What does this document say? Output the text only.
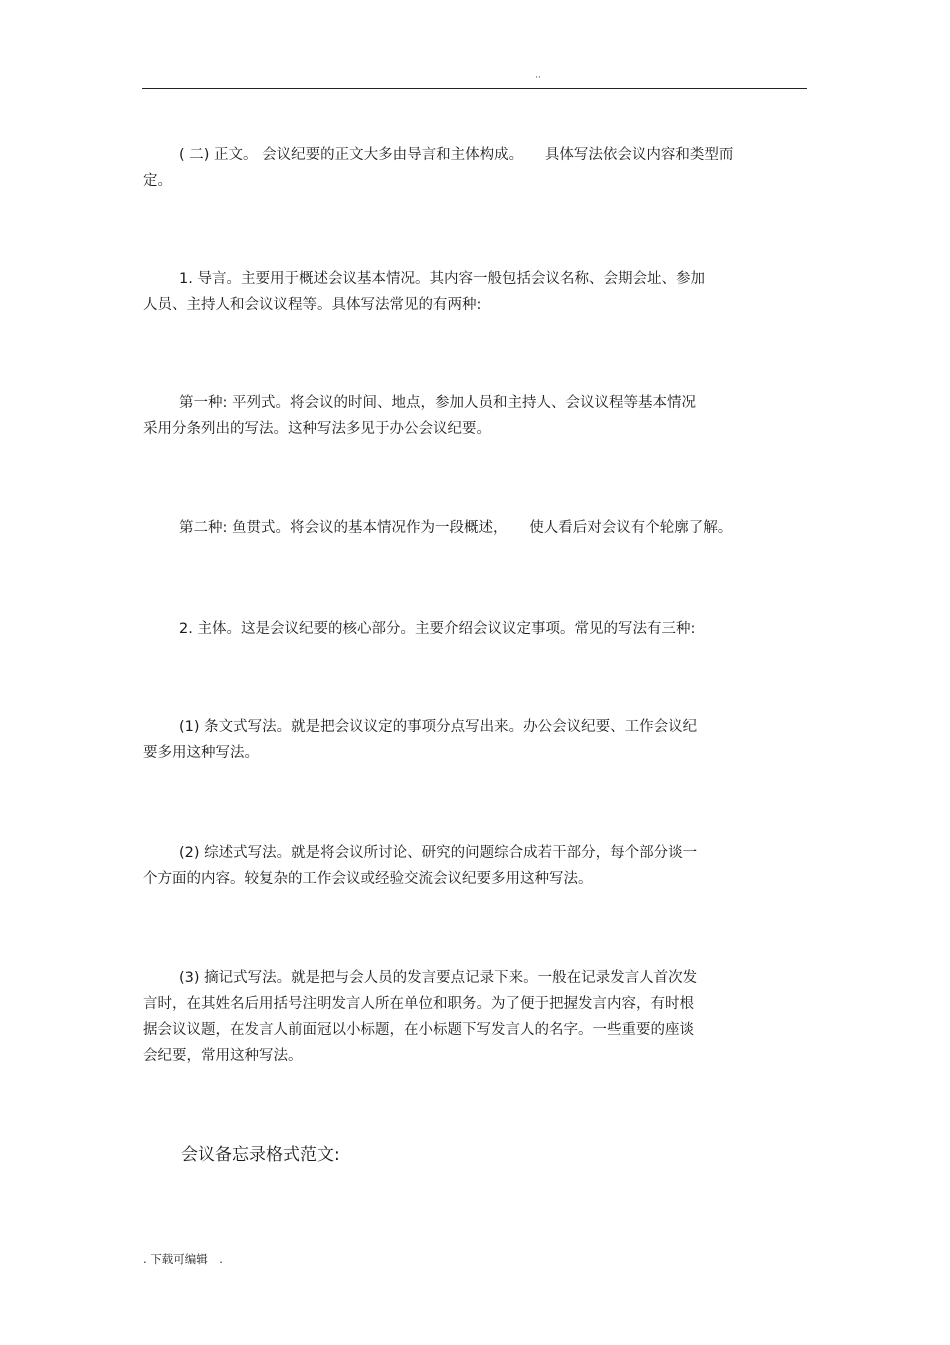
··
( 二) 正文。 会议纪要的正文大多由导言和主体构成。　　具体写法依会议内容和类型而
定。
1. 导言。主要用于概述会议基本情况。其内容一般包括会议名称、会期会址、参加
人员、主持人和会议议程等。具体写法常见的有两种:
第一种: 平列式。将会议的时间、地点，参加人员和主持人、会议议程等基本情况
采用分条列出的写法。这种写法多见于办公会议纪要。
第二种: 鱼贯式。将会议的基本情况作为一段概述，　　使人看后对会议有个轮廓了解。
2. 主体。这是会议纪要的核心部分。主要介绍会议议定事项。常见的写法有三种:
(1) 条文式写法。就是把会议议定的事项分点写出来。办公会议纪要、工作会议纪
要多用这种写法。
(2) 综述式写法。就是将会议所讨论、研究的问题综合成若干部分，每个部分谈一
个方面的内容。较复杂的工作会议或经验交流会议纪要多用这种写法。
(3) 摘记式写法。就是把与会人员的发言要点记录下来。一般在记录发言人首次发
言时，在其姓名后用括号注明发言人所在单位和职务。为了便于把握发言内容，有时根
据会议议题，在发言人前面冠以小标题，在小标题下写发言人的名字。一些重要的座谈
会纪要，常用这种写法。
会议备忘录格式范文:
. 下载可编辑　.
